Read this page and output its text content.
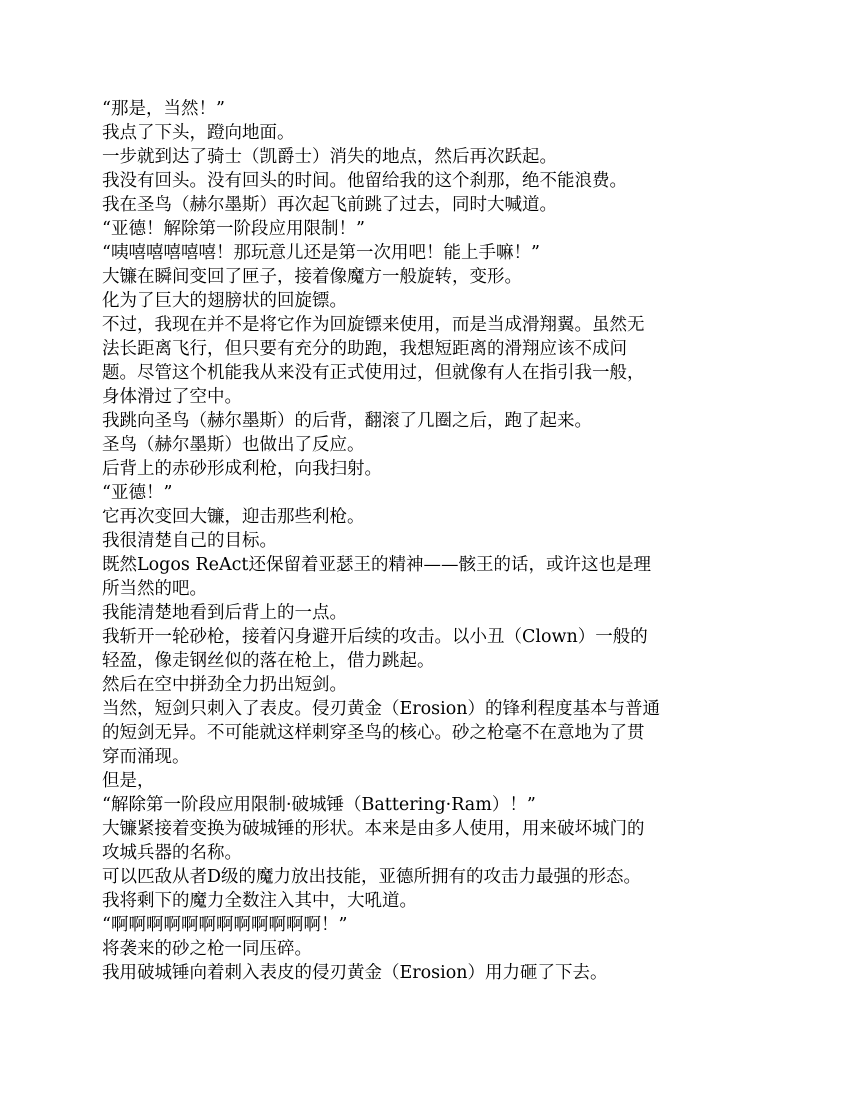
“那是，当然！”

我点了下头，蹬向地面。

一步就到达了骑士（凯爵士）消失的地点，然后再次跃起。

我没有回头。没有回头的时间。他留给我的这个刹那，绝不能浪费。

我在圣鸟（赫尔墨斯）再次起飞前跳了过去，同时大喊道。

“亚德！解除第一阶段应用限制！”

“咦嘻嘻嘻嘻嘻！那玩意儿还是第一次用吧！能上手嘛！”

大镰在瞬间变回了匣子，接着像魔方一般旋转，变形。

化为了巨大的翅膀状的回旋镖。

不过，我现在并不是将它作为回旋镖来使用，而是当成滑翔翼。虽然无
法长距离飞行，但只要有充分的助跑，我想短距离的滑翔应该不成问
题。尽管这个机能我从来没有正式使用过，但就像有人在指引我一般，
身体滑过了空中。

我跳向圣鸟（赫尔墨斯）的后背，翻滚了几圈之后，跑了起来。

圣鸟（赫尔墨斯）也做出了反应。

后背上的赤砂形成利枪，向我扫射。

“亚德！”

它再次变回大镰，迎击那些利枪。

我很清楚自己的目标。

既然Logos ReAct还保留着亚瑟王的精神——骸王的话，或许这也是理
所当然的吧。

我能清楚地看到后背上的一点。

我斩开一轮砂枪，接着闪身避开后续的攻击。以小丑（Clown）一般的
轻盈，像走钢丝似的落在枪上，借力跳起。

然后在空中拼劲全力扔出短剑。

当然，短剑只刺入了表皮。侵刃黄金（Erosion）的锋利程度基本与普通
的短剑无异。不可能就这样刺穿圣鸟的核心。砂之枪毫不在意地为了贯
穿而涌现。

但是，

“解除第一阶段应用限制·破城锤（Battering·Ram）！”

大镰紧接着变换为破城锤的形状。本来是由多人使用，用来破坏城门的
攻城兵器的名称。

可以匹敌从者D级的魔力放出技能，亚德所拥有的攻击力最强的形态。

我将剩下的魔力全数注入其中，大吼道。

“啊啊啊啊啊啊啊啊啊啊啊啊！”

将袭来的砂之枪一同压碎。

我用破城锤向着刺入表皮的侵刃黄金（Erosion）用力砸了下去。
